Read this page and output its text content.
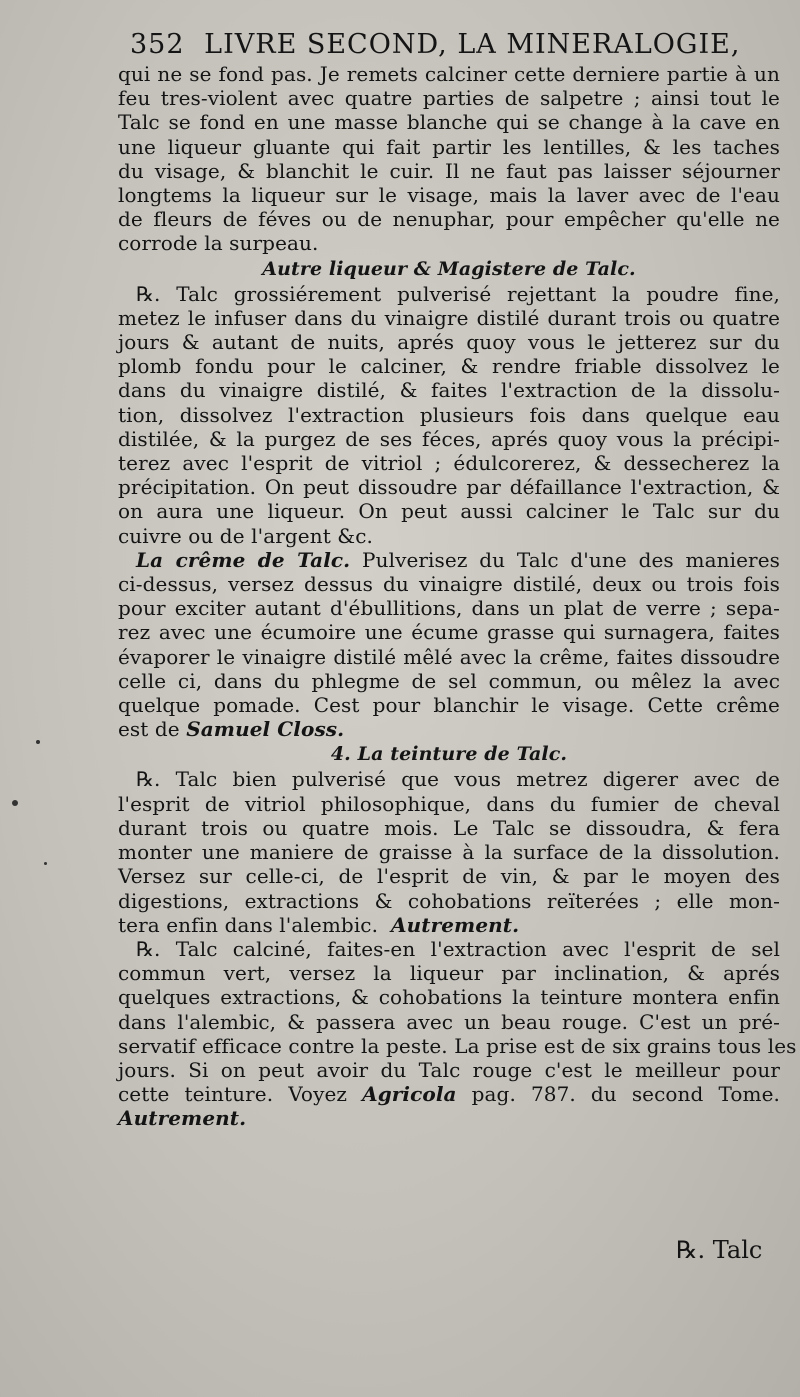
352 LIVRE SECOND, LA MINERALOGIE,
qui ne se fond pas. Je remets calciner cette derniere partie à un
feu tres-violent avec quatre parties de salpetre ; ainsi tout le
Talc se fond en une masse blanche qui se change à la cave en
une liqueur gluante qui fait partir les lentilles, & les taches
du visage, & blanchit le cuir. Il ne faut pas laisser séjourner
longtems la liqueur sur le visage, mais la laver avec de l'eau
de fleurs de féves ou de nenuphar, pour empêcher qu'elle ne
corrode la surpeau.
Autre liqueur & Magistere de Talc.
℞. Talc grossiérement pulverisé rejettant la poudre fine,
metez le infuser dans du vinaigre distilé durant trois ou quatre
jours & autant de nuits, aprés quoy vous le jetterez sur du
plomb fondu pour le calciner, & rendre friable dissolvez le
dans du vinaigre distilé, & faites l'extraction de la dissolu-
tion, dissolvez l'extraction plusieurs fois dans quelque eau
distilée, & la purgez de ses féces, aprés quoy vous la précipi-
terez avec l'esprit de vitriol ; édulcorerez, & dessecherez la
précipitation. On peut dissoudre par défaillance l'extraction, &
on aura une liqueur. On peut aussi calciner le Talc sur du
cuivre ou de l'argent &c.
La crême de Talc. Pulverisez du Talc d'une des manieres
ci-dessus, versez dessus du vinaigre distilé, deux ou trois fois
pour exciter autant d'ébullitions, dans un plat de verre ; sepa-
rez avec une écumoire une écume grasse qui surnagera, faites
évaporer le vinaigre distilé mêlé avec la crême, faites dissoudre
celle ci, dans du phlegme de sel commun, ou mêlez la avec
quelque pomade. Cest pour blanchir le visage. Cette crême
est de Samuel Closs.
4. La teinture de Talc.
℞. Talc bien pulverisé que vous metrez digerer avec de
l'esprit de vitriol philosophique, dans du fumier de cheval
durant trois ou quatre mois. Le Talc se dissoudra, & fera
monter une maniere de graisse à la surface de la dissolution.
Versez sur celle-ci, de l'esprit de vin, & par le moyen des
digestions, extractions & cohobations reïterées ; elle mon-
tera enfin dans l'alembic. Autrement.
℞. Talc calciné, faites-en l'extraction avec l'esprit de sel
commun vert, versez la liqueur par inclination, & aprés
quelques extractions, & cohobations la teinture montera enfin
dans l'alembic, & passera avec un beau rouge. C'est un pré-
servatif efficace contre la peste. La prise est de six grains tous les
jours. Si on peut avoir du Talc rouge c'est le meilleur pour
cette teinture. Voyez Agricola pag. 787. du second Tome.
Autrement.
℞. Talc
